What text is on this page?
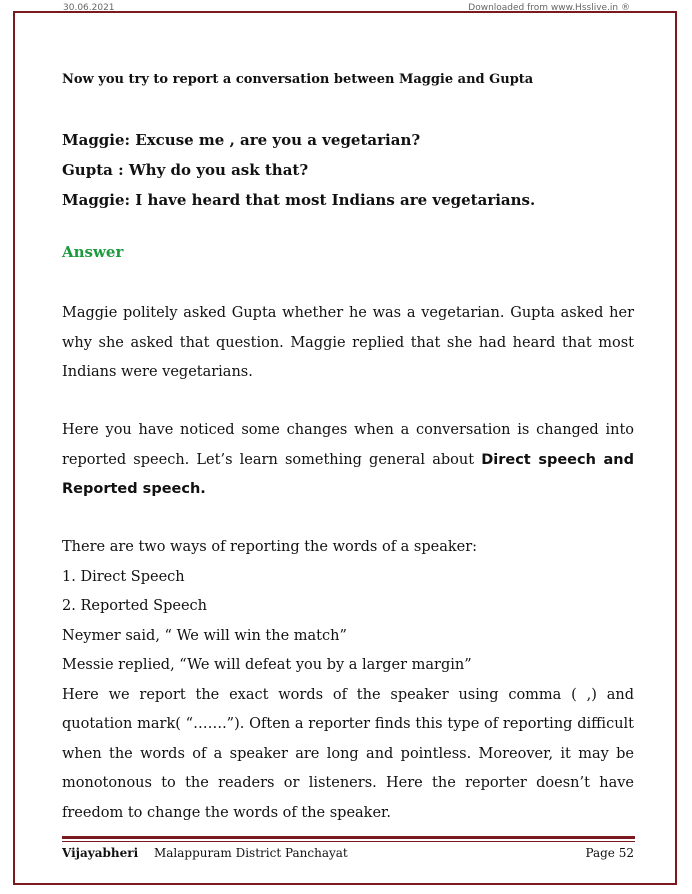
30.06.2021	Downloaded from www.Hsslive.in ®
Now you try to report a conversation between Maggie and Gupta
Maggie: Excuse me , are you a vegetarian?
Gupta : Why do you ask that?
Maggie: I have heard that most Indians are vegetarians.
Answer
Maggie politely asked Gupta whether he was a vegetarian. Gupta asked her why she asked that question. Maggie replied that she had heard that most Indians were vegetarians.
Here you have noticed some changes when a conversation is changed into reported speech. Let’s learn something general about Direct speech and Reported speech.
There are two ways of reporting the words of a speaker:
1. Direct Speech
2. Reported Speech
Neymer said, “ We will win the match”
Messie replied, “We will defeat you by a larger margin”
Here we report the exact words of the speaker using comma ( ,) and quotation mark( “…….”). Often a reporter finds this type of reporting difficult when the words of a speaker are long and pointless. Moreover, it may be monotonous to the readers or listeners. Here the reporter doesn’t have freedom to change the words of the speaker.
Vijayabheri Malappuram District Panchayat	Page 52
